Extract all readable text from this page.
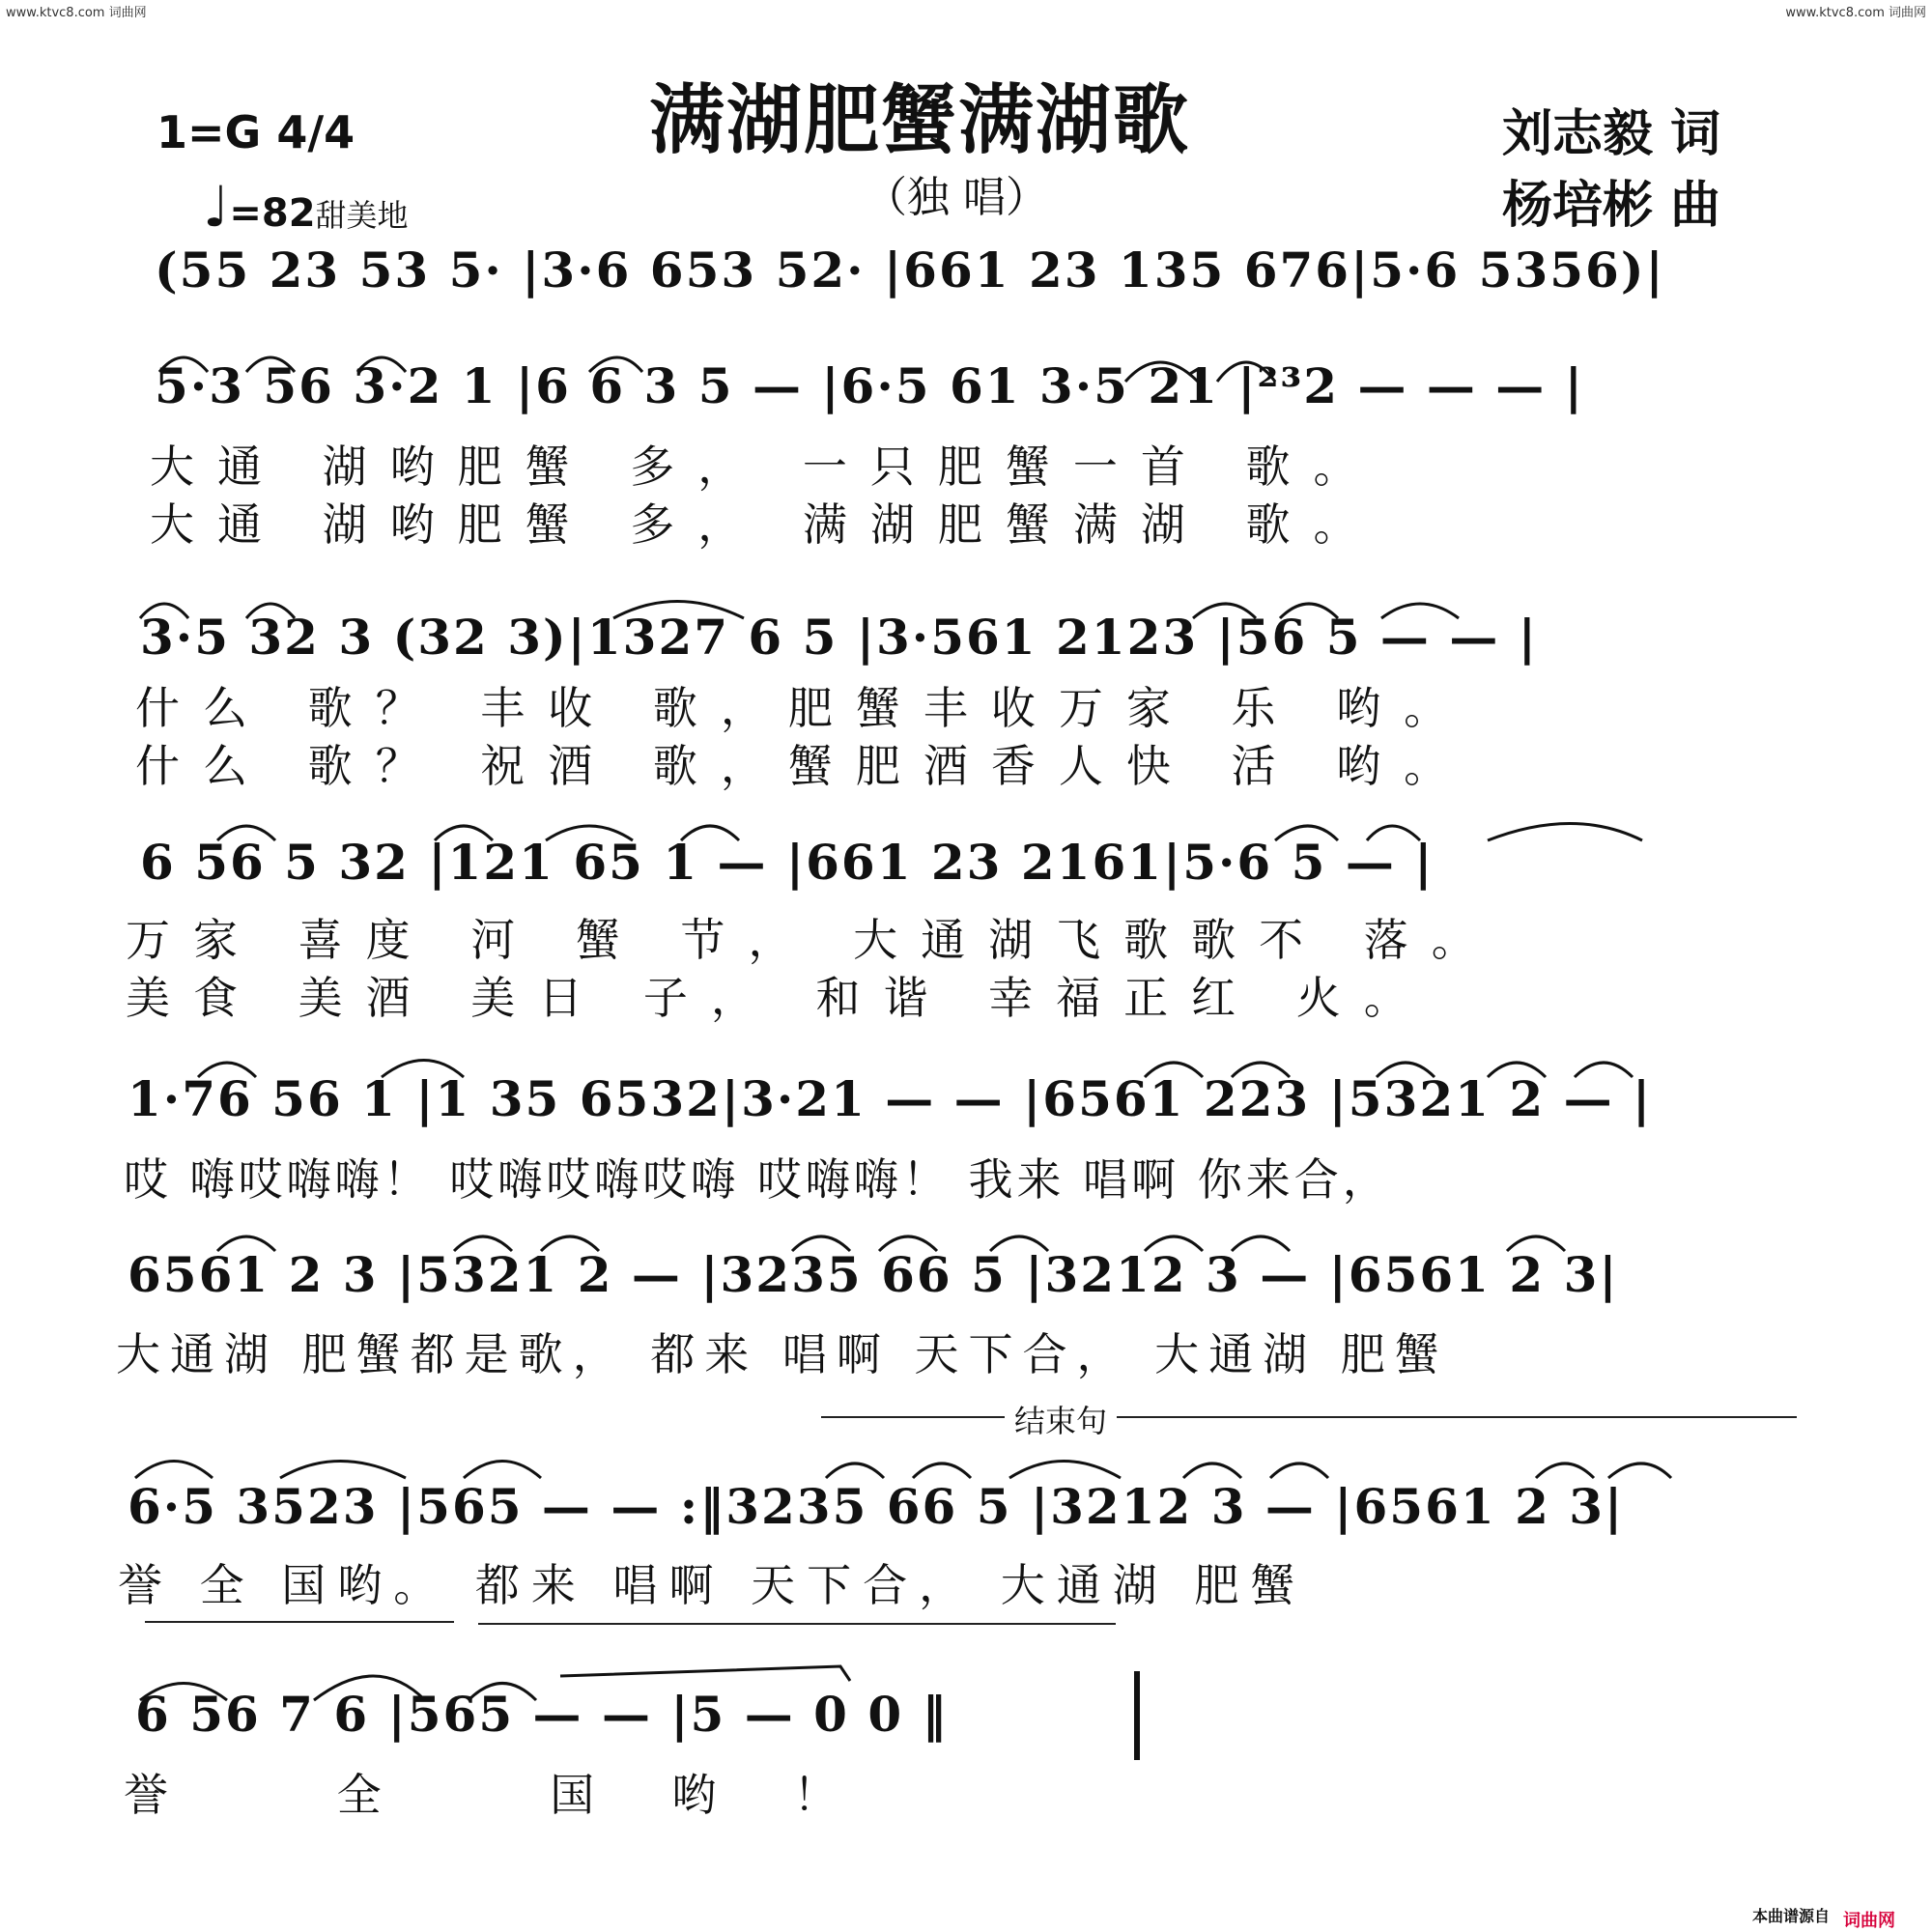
www.ktvc8.com 词曲网	www.ktvc8.com 词曲网
满湖肥蟹满湖歌
（独 唱）
1=G 4/4
♩=82甜美地
刘志毅 词
杨培彬 曲
(55 23 53 5· |3·6 653 52· |661 23 135 676|5·6 5356)|
5·3 56 3·2 1 |6 6 3 5 — |6·5 61 3·5 21 |²³2 — — — |
大通 湖哟肥蟹 多， 一只肥蟹一首 歌。
大通 湖哟肥蟹 多， 满湖肥蟹满湖 歌。
3·5 32 3 (32 3)|1327 6 5 |3·561 2123 |56 5 — — |
什么 歌？ 丰收 歌，肥蟹丰收万家 乐 哟。
什么 歌？ 祝酒 歌，蟹肥酒香人快 活 哟。
6 56 5 32 |121 65 1 — |661 23 2161|5·6 5 — |
万家 喜度 河 蟹 节， 大通湖飞歌歌不 落。
美食 美酒 美日 子， 和谐 幸福正红 火。
1·76 56 1 |1 35 6532|3·21 — — |6561 223 |5321 2 — |
哎 嗨哎嗨嗨！ 哎嗨哎嗨哎嗨 哎嗨嗨！ 我来 唱啊 你来合，
6561 2 3 |5321 2 — |3235 66 5 |3212 3 — |6561 2 3|
大通湖 肥蟹都是歌， 都来 唱啊 天下合， 大通湖 肥蟹
结束句
6·5 3523 |565 — — :‖3235 66 5 |3212 3 — |6561 2 3|
誉 全 国哟。 都来 唱啊 天下合， 大通湖 肥蟹
6 56 7 6 |565 — — |5 — 0 0 ‖
誉 全 国哟！
本曲谱源自 词曲网
